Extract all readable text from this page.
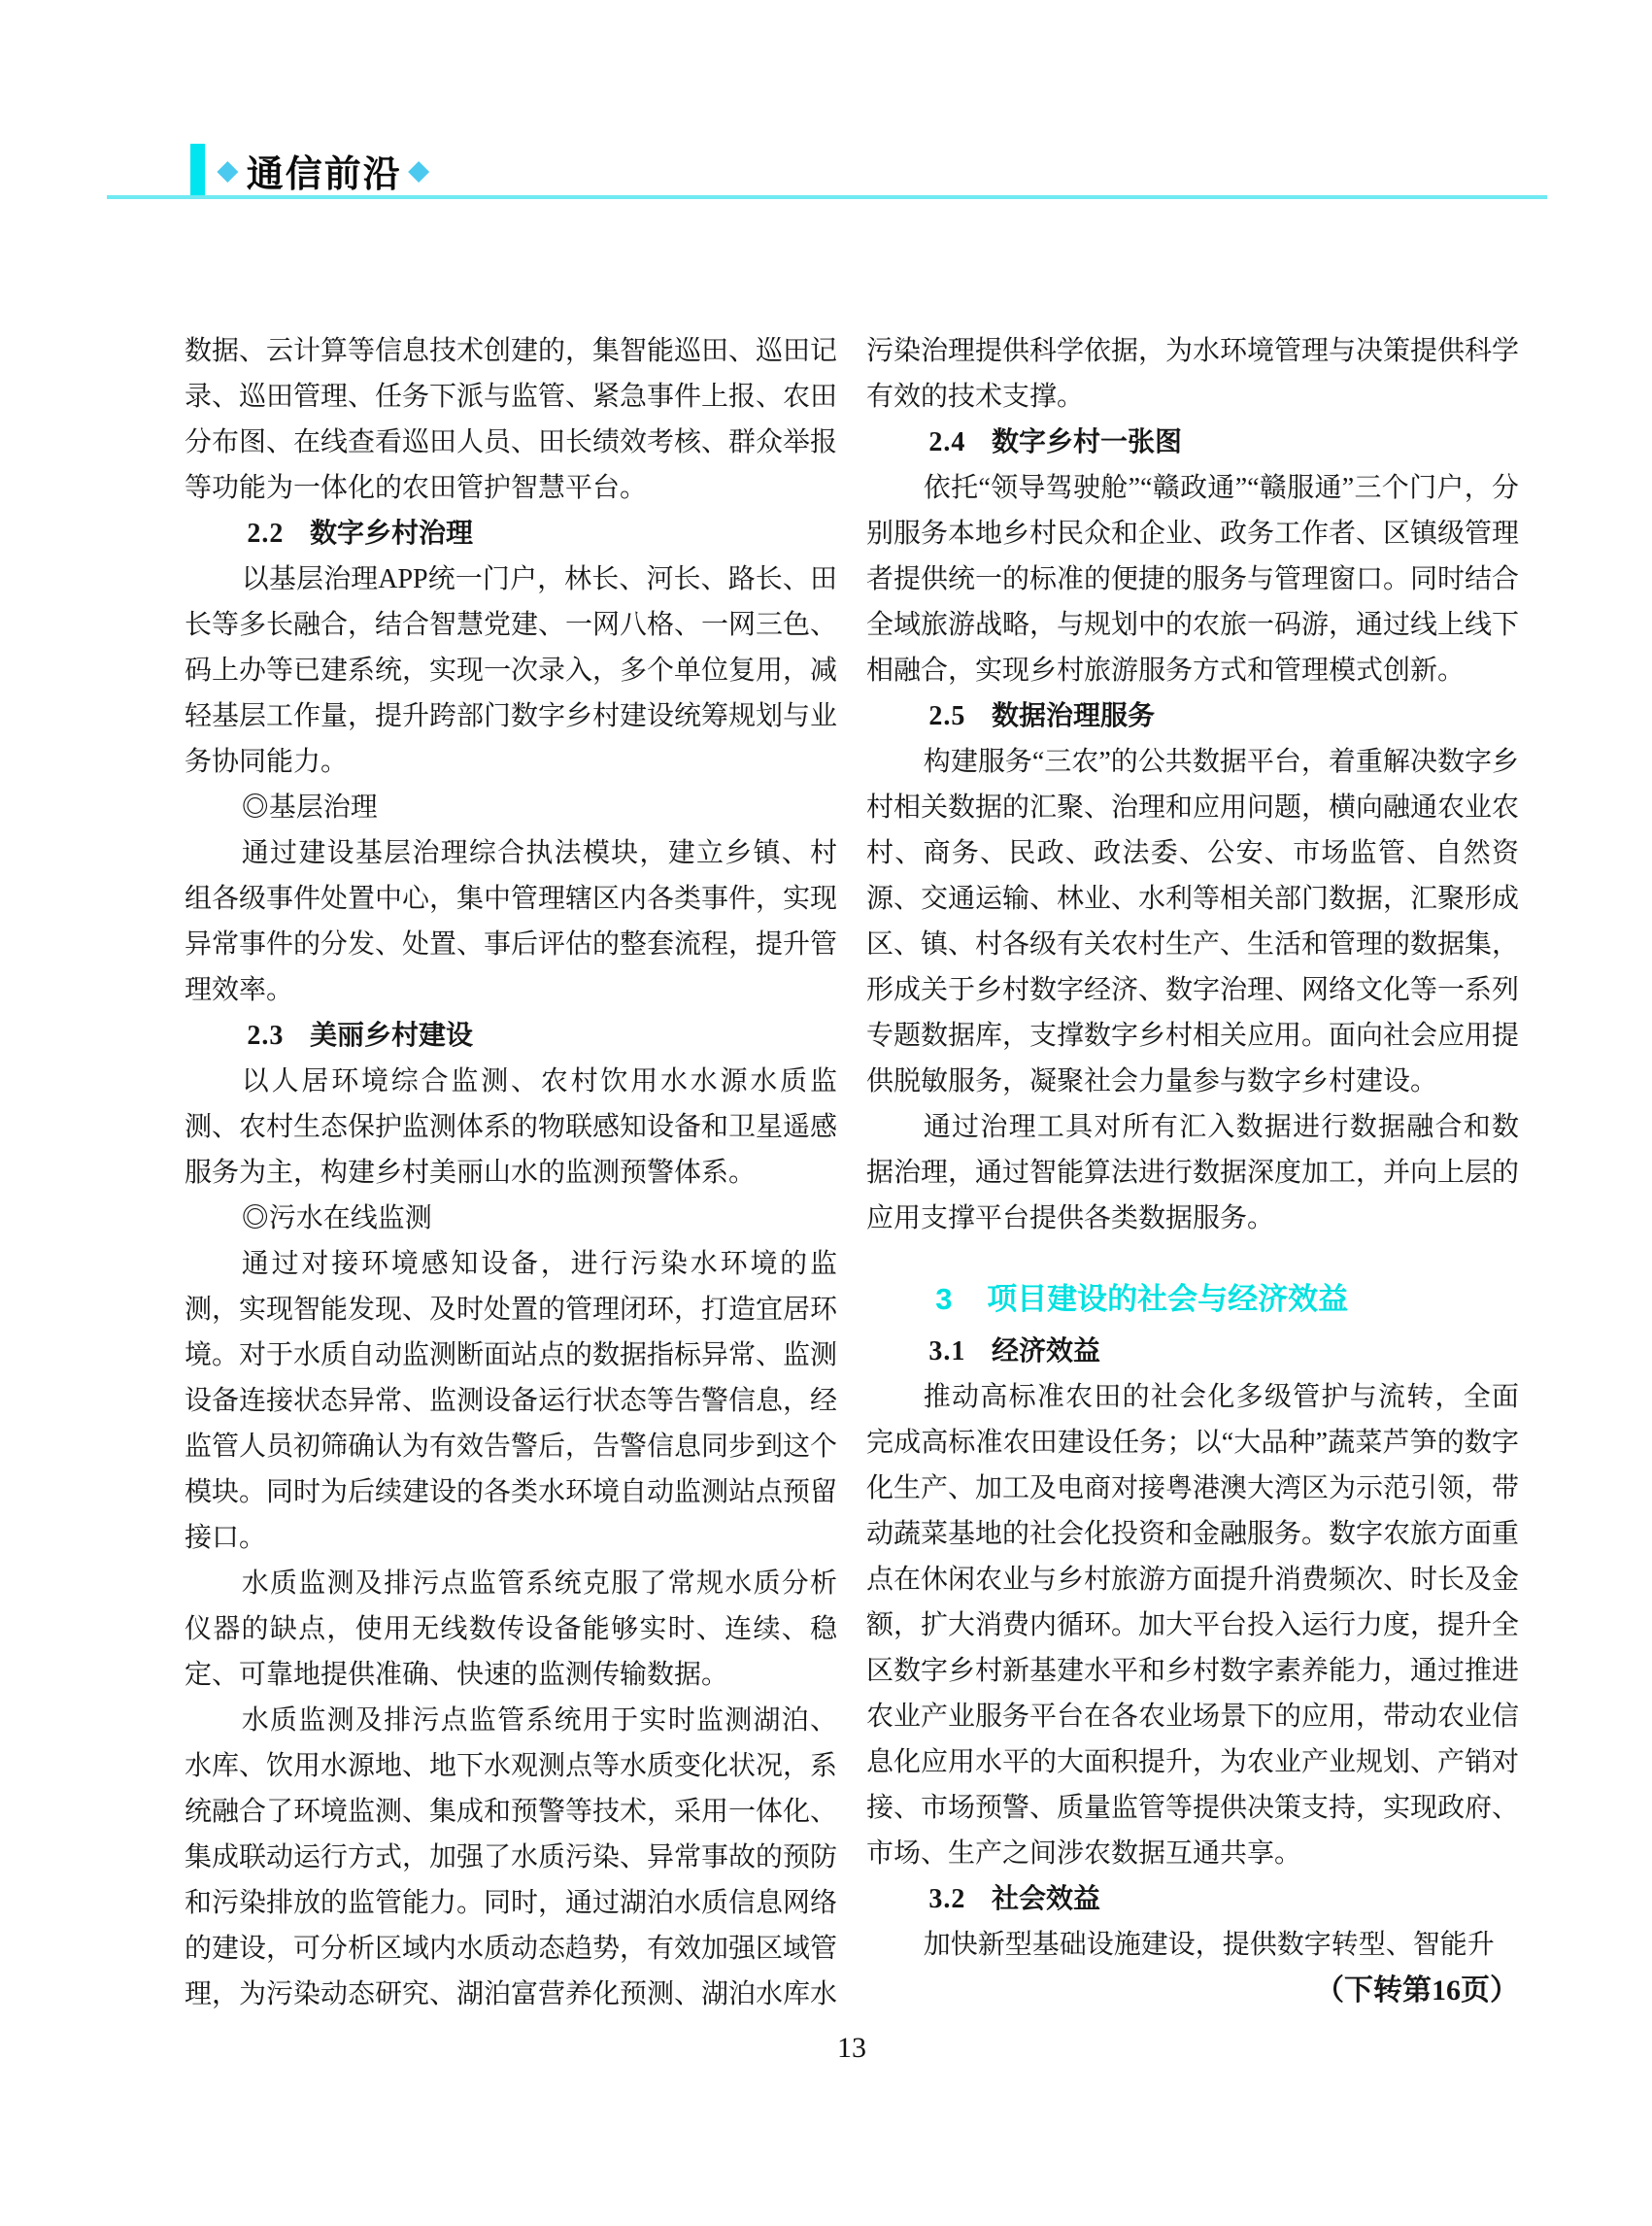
◆ 通信前沿 ◆

数据、云计算等信息技术创建的，集智能巡田、巡田记录、巡田管理、任务下派与监管、紧急事件上报、农田分布图、在线查看巡田人员、田长绩效考核、群众举报等功能为一体化的农田管护智慧平台。

2.2 数字乡村治理

以基层治理APP统一门户，林长、河长、路长、田长等多长融合，结合智慧党建、一网八格、一网三色、码上办等已建系统，实现一次录入，多个单位复用，减轻基层工作量，提升跨部门数字乡村建设统筹规划与业务协同能力。

◎基层治理

通过建设基层治理综合执法模块，建立乡镇、村组各级事件处置中心，集中管理辖区内各类事件，实现异常事件的分发、处置、事后评估的整套流程，提升管理效率。

2.3 美丽乡村建设

以人居环境综合监测、农村饮用水水源水质监测、农村生态保护监测体系的物联感知设备和卫星遥感服务为主，构建乡村美丽山水的监测预警体系。

◎污水在线监测

通过对接环境感知设备，进行污染水环境的监测，实现智能发现、及时处置的管理闭环，打造宜居环境。对于水质自动监测断面站点的数据指标异常、监测设备连接状态异常、监测设备运行状态等告警信息，经监管人员初筛确认为有效告警后，告警信息同步到这个模块。同时为后续建设的各类水环境自动监测站点预留接口。

水质监测及排污点监管系统克服了常规水质分析仪器的缺点，使用无线数传设备能够实时、连续、稳定、可靠地提供准确、快速的监测传输数据。

水质监测及排污点监管系统用于实时监测湖泊、水库、饮用水源地、地下水观测点等水质变化状况，系统融合了环境监测、集成和预警等技术，采用一体化、集成联动运行方式，加强了水质污染、异常事故的预防和污染排放的监管能力。同时，通过湖泊水质信息网络的建设，可分析区域内水质动态趋势，有效加强区域管理，为污染动态研究、湖泊富营养化预测、湖泊水库水

污染治理提供科学依据，为水环境管理与决策提供科学有效的技术支撑。

2.4 数字乡村一张图

依托“领导驾驶舱”“赣政通”“赣服通”三个门户，分别服务本地乡村民众和企业、政务工作者、区镇级管理者提供统一的标准的便捷的服务与管理窗口。同时结合全域旅游战略，与规划中的农旅一码游，通过线上线下相融合，实现乡村旅游服务方式和管理模式创新。

2.5 数据治理服务

构建服务“三农”的公共数据平台，着重解决数字乡村相关数据的汇聚、治理和应用问题，横向融通农业农村、商务、民政、政法委、公安、市场监管、自然资源、交通运输、林业、水利等相关部门数据，汇聚形成区、镇、村各级有关农村生产、生活和管理的数据集，形成关于乡村数字经济、数字治理、网络文化等一系列专题数据库，支撑数字乡村相关应用。面向社会应用提供脱敏服务，凝聚社会力量参与数字乡村建设。

通过治理工具对所有汇入数据进行数据融合和数据治理，通过智能算法进行数据深度加工，并向上层的应用支撑平台提供各类数据服务。

3 项目建设的社会与经济效益

3.1 经济效益

推动高标准农田的社会化多级管护与流转，全面完成高标准农田建设任务；以“大品种”蔬菜芦笋的数字化生产、加工及电商对接粤港澳大湾区为示范引领，带动蔬菜基地的社会化投资和金融服务。数字农旅方面重点在休闲农业与乡村旅游方面提升消费频次、时长及金额，扩大消费内循环。加大平台投入运行力度，提升全区数字乡村新基建水平和乡村数字素养能力，通过推进农业产业服务平台在各农业场景下的应用，带动农业信息化应用水平的大面积提升，为农业产业规划、产销对接、市场预警、质量监管等提供决策支持，实现政府、市场、生产之间涉农数据互通共享。

3.2 社会效益

加快新型基础设施建设，提供数字转型、智能升

（下转第16页）

13
